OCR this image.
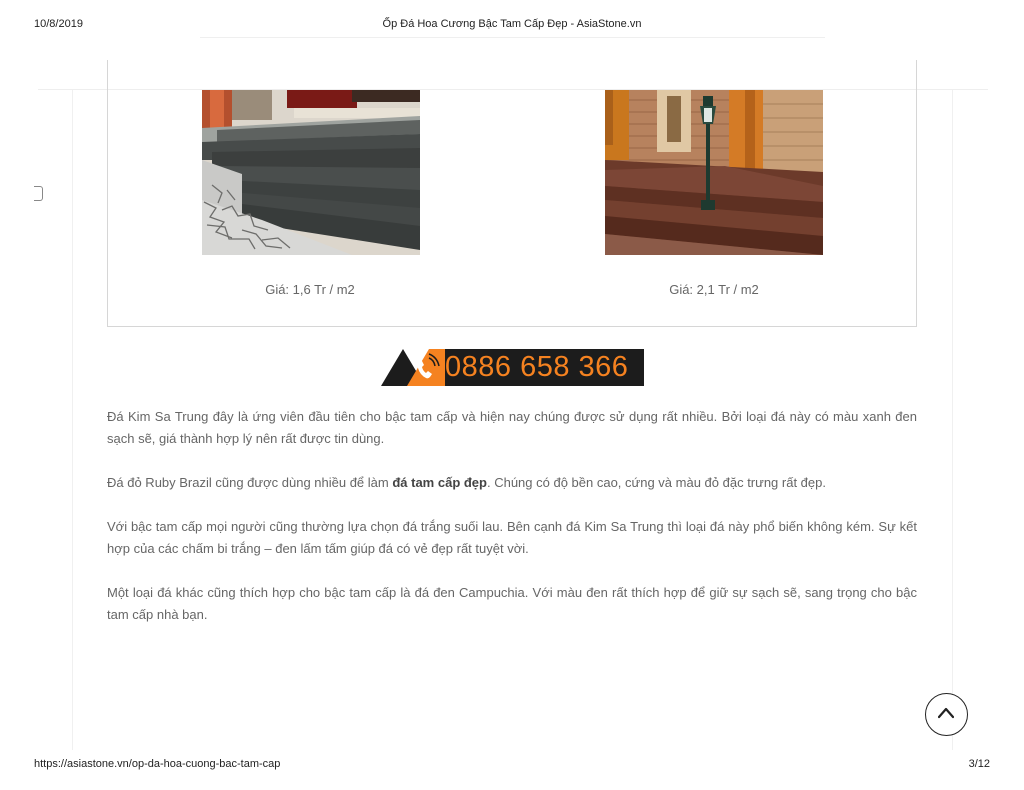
10/8/2019	Ốp Đá Hoa Cương Bậc Tam Cấp Đẹp - AsiaStone.vn
Giá: 1,6 Tr / m2	Giá: 2,1 Tr / m2
0886 658 366

Đá Kim Sa Trung đây là ứng viên đầu tiên cho bậc tam cấp và hiện nay chúng được sử dụng rất nhiều. Bởi loại đá này có màu xanh đen sạch sẽ, giá thành hợp lý nên rất được tin dùng.

Đá đỏ Ruby Brazil cũng được dùng nhiều để làm đá tam cấp đẹp. Chúng có độ bền cao, cứng và màu đỏ đặc trưng rất đẹp.

Với bậc tam cấp mọi người cũng thường lựa chọn đá trắng suối lau. Bên cạnh đá Kim Sa Trung thì loại đá này phổ biến không kém. Sự kết hợp của các chấm bi trắng – đen lấm tấm giúp đá có vẻ đẹp rất tuyệt vời.

Một loại đá khác cũng thích hợp cho bậc tam cấp là đá đen Campuchia. Với màu đen rất thích hợp để giữ sự sạch sẽ, sang trọng cho bậc tam cấp nhà bạn.

https://asiastone.vn/op-da-hoa-cuong-bac-tam-cap	3/12
